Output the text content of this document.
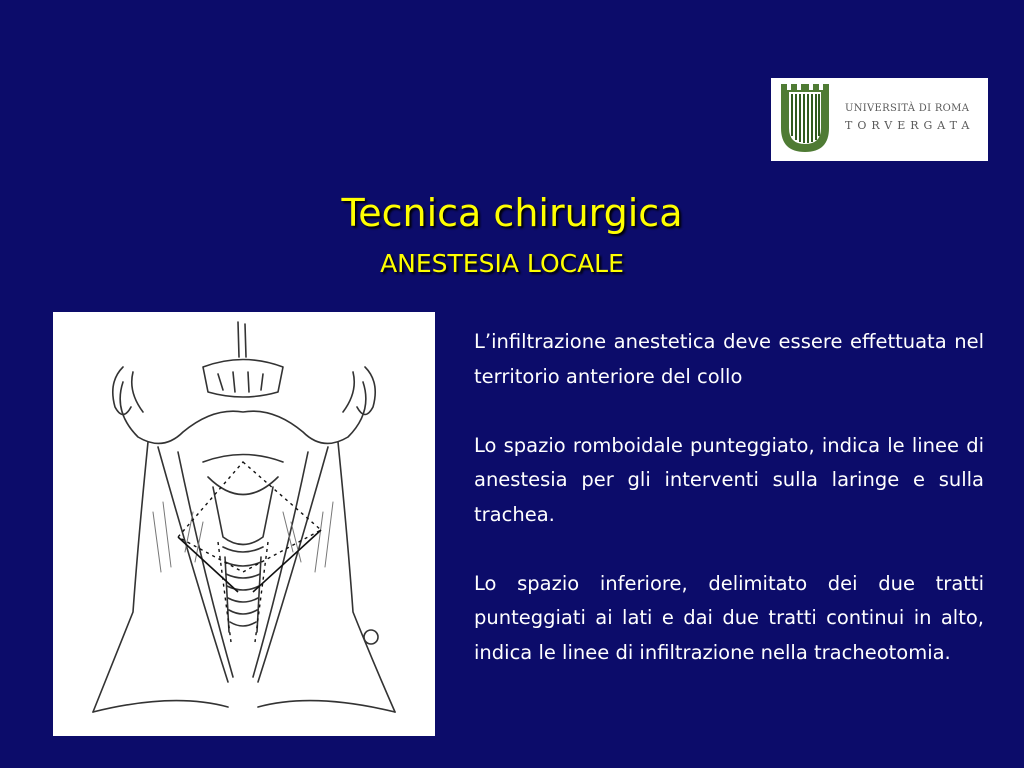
UNIVERSITÀ DI ROMA
TORVERGATA
Tecnica chirurgica
ANESTESIA LOCALE

L’infiltrazione anestetica deve essere effettuata nel territorio anteriore del collo

Lo spazio romboidale punteggiato, indica le linee di anestesia per gli interventi sulla laringe e sulla trachea.

Lo spazio inferiore, delimitato dei due tratti punteggiati ai lati e dai due tratti continui in alto, indica le linee di infiltrazione nella tracheotomia.
